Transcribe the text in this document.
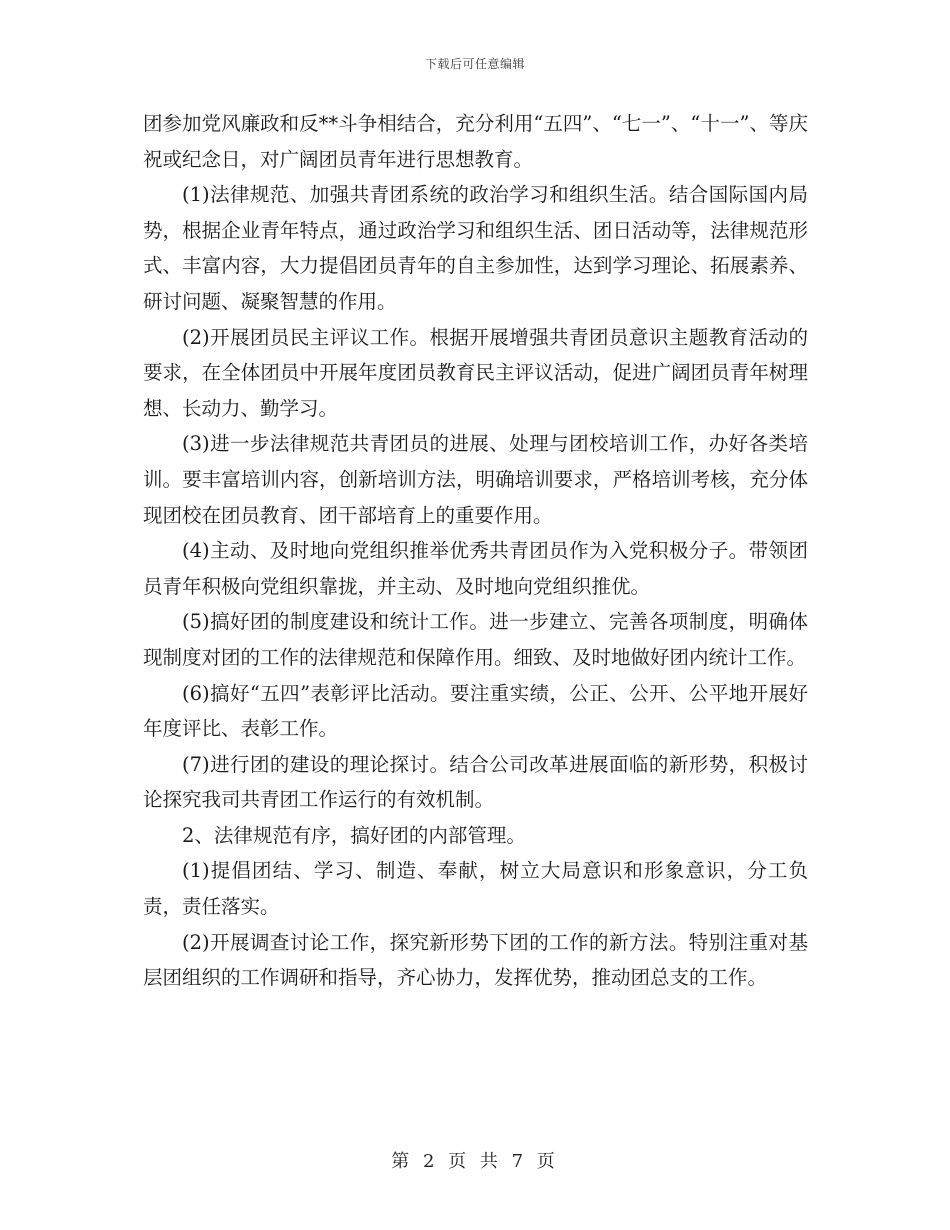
下载后可任意编辑

团参加党风廉政和反**斗争相结合，充分利用“五四”、“七一”、“十一”、等庆祝或纪念日，对广阔团员青年进行思想教育。

(1)法律规范、加强共青团系统的政治学习和组织生活。结合国际国内局势，根据企业青年特点，通过政治学习和组织生活、团日活动等，法律规范形式、丰富内容，大力提倡团员青年的自主参加性，达到学习理论、拓展素养、研讨问题、凝聚智慧的作用。

(2)开展团员民主评议工作。根据开展增强共青团员意识主题教育活动的要求，在全体团员中开展年度团员教育民主评议活动，促进广阔团员青年树理想、长动力、勤学习。

(3)进一步法律规范共青团员的进展、处理与团校培训工作，办好各类培训。要丰富培训内容，创新培训方法，明确培训要求，严格培训考核，充分体现团校在团员教育、团干部培育上的重要作用。

(4)主动、及时地向党组织推举优秀共青团员作为入党积极分子。带领团员青年积极向党组织靠拢，并主动、及时地向党组织推优。

(5)搞好团的制度建设和统计工作。进一步建立、完善各项制度，明确体现制度对团的工作的法律规范和保障作用。细致、及时地做好团内统计工作。

(6)搞好“五四”表彰评比活动。要注重实绩，公正、公开、公平地开展好年度评比、表彰工作。

(7)进行团的建设的理论探讨。结合公司改革进展面临的新形势，积极讨论探究我司共青团工作运行的有效机制。

2、法律规范有序，搞好团的内部管理。

(1)提倡团结、学习、制造、奉献，树立大局意识和形象意识，分工负责，责任落实。

(2)开展调查讨论工作，探究新形势下团的工作的新方法。特别注重对基层团组织的工作调研和指导，齐心协力，发挥优势，推动团总支的工作。

第 2 页 共 7 页
